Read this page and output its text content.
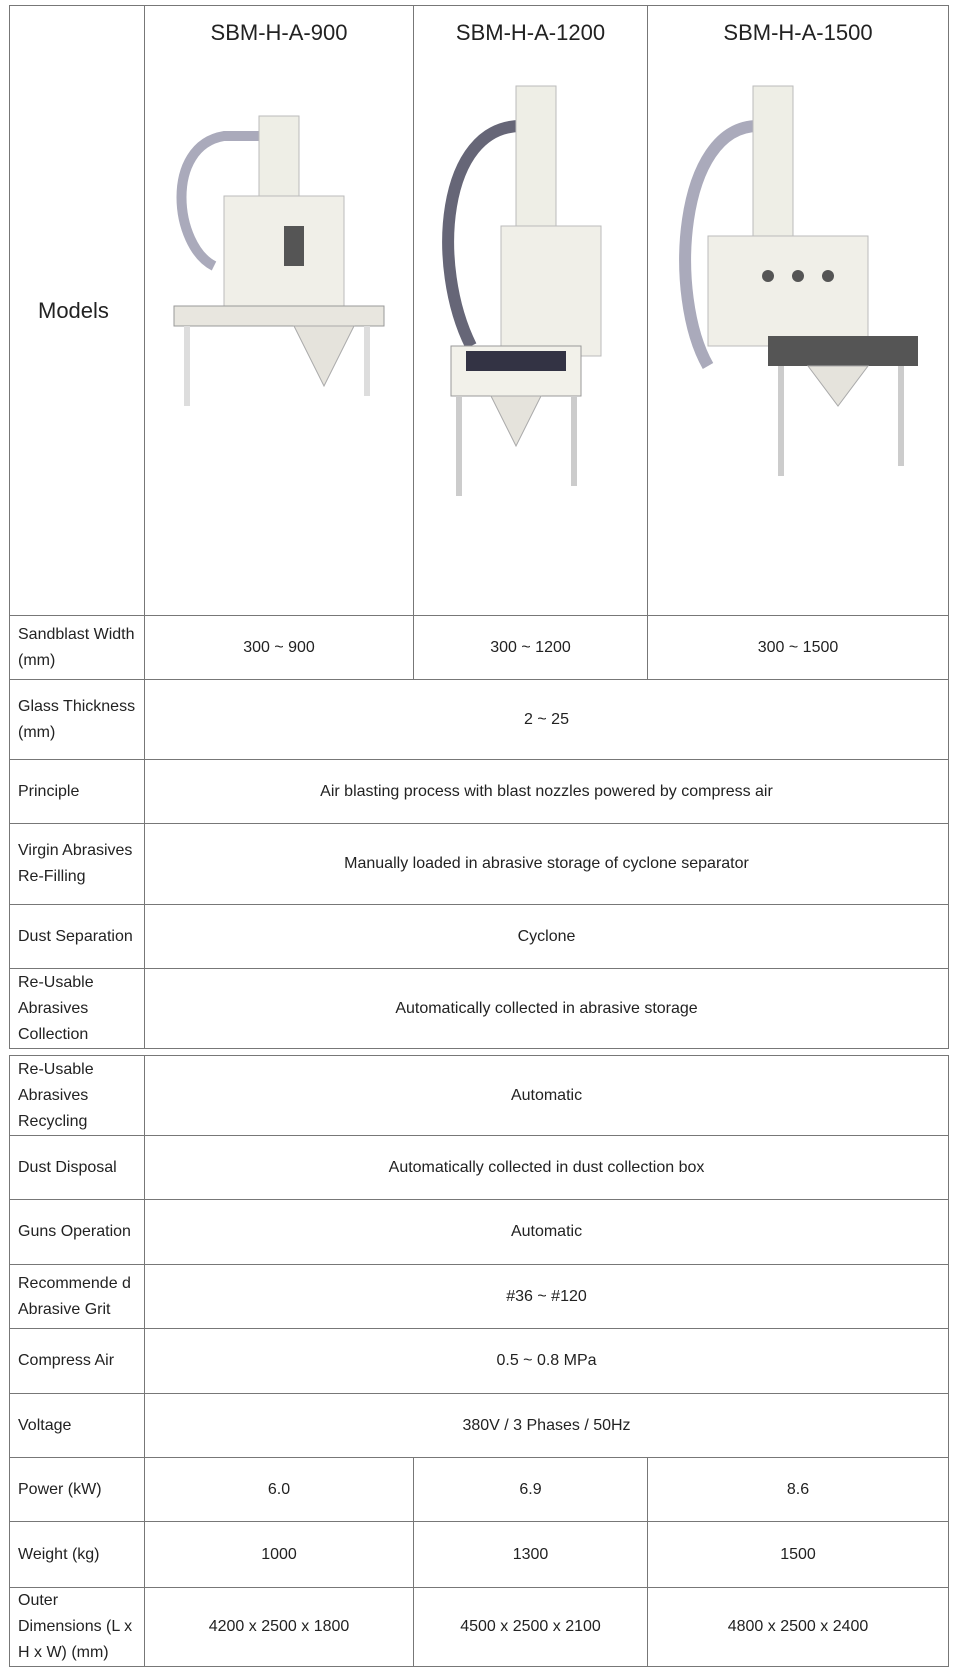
Models	SBM-H-A-900	SBM-H-A-1200	SBM-H-A-1500

Sandblast Width (mm)	300 ~ 900	300 ~ 1200	300 ~ 1500
Glass Thickness (mm)	2 ~ 25		
Principle	Air blasting process with blast nozzles powered by compress air		
Virgin Abrasives Re-Filling	Manually loaded in abrasive storage of cyclone separator		
Dust Separation	Cyclone		
Re-Usable Abrasives Collection	Automatically collected in abrasive storage		
Re-Usable Abrasives Recycling	Automatic		
Dust Disposal	Automatically collected in dust collection box		
Guns Operation	Automatic		
Recommende d Abrasive Grit	#36 ~ #120		
Compress Air	0.5 ~ 0.8 MPa		
Voltage	380V / 3 Phases / 50Hz		
Power (kW)	6.0	6.9	8.6
Weight (kg)	1000	1300	1500
Outer Dimensions (L x H x W) (mm)	4200 x 2500 x 1800	4500 x 2500 x 2100	4800 x 2500 x 2400
